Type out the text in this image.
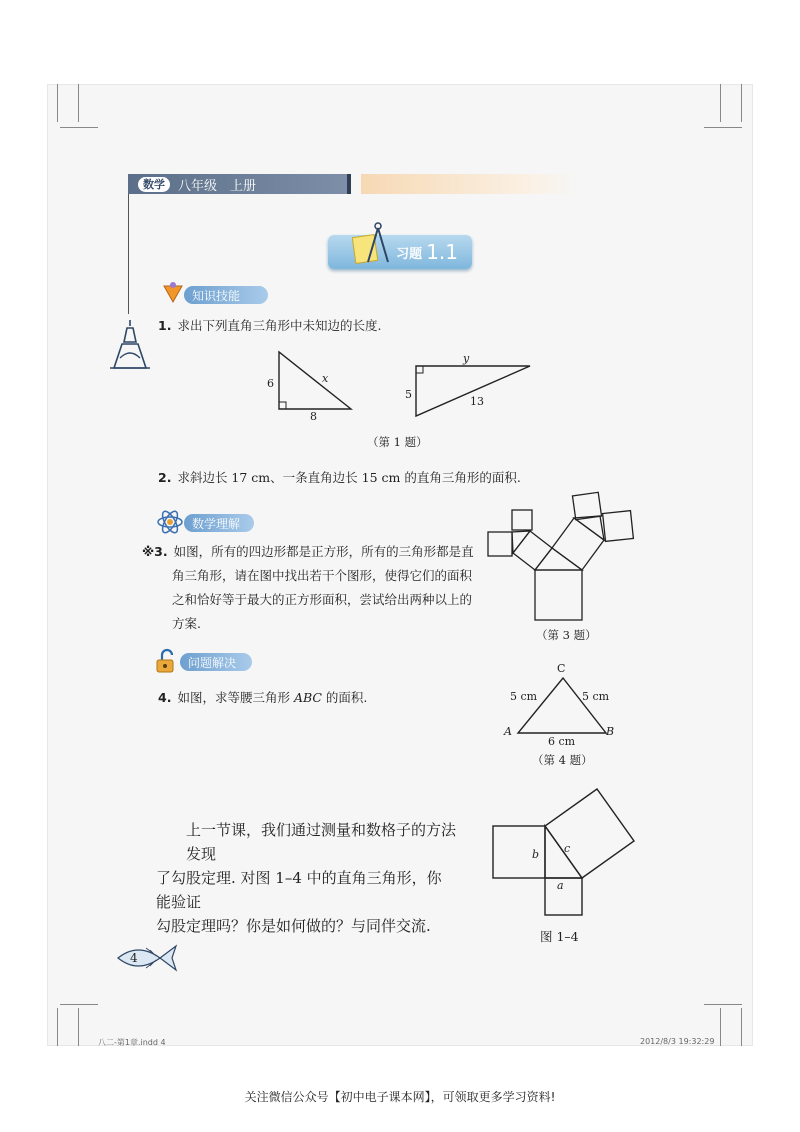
数学	八年级　上册
习题 1.1
知识技能
1. 求出下列直角三角形中未知边的长度.
6
8
x
5
y
13
（第 1 题）
2. 求斜边长 17 cm、一条直角边长 15 cm 的直角三角形的面积.
数学理解
※3. 如图，所有的四边形都是正方形，所有的三角形都是直
角三角形，请在图中找出若干个图形，使得它们的面积
之和恰好等于最大的正方形面积，尝试给出两种以上的
方案.
（第 3 题）
问题解决
4. 如图，求等腰三角形 ABC 的面积.
C
A	B
5 cm	5 cm
6 cm
（第 4 题）
上一节课，我们通过测量和数格子的方法发现
了勾股定理. 对图 1–4 中的直角三角形，你能验证
勾股定理吗？你是如何做的？与同伴交流.
b c
a
图 1–4
4
八二-第1章.indd 4	2012/8/3 19:32:29
关注微信公众号【初中电子课本网】，可领取更多学习资料!
